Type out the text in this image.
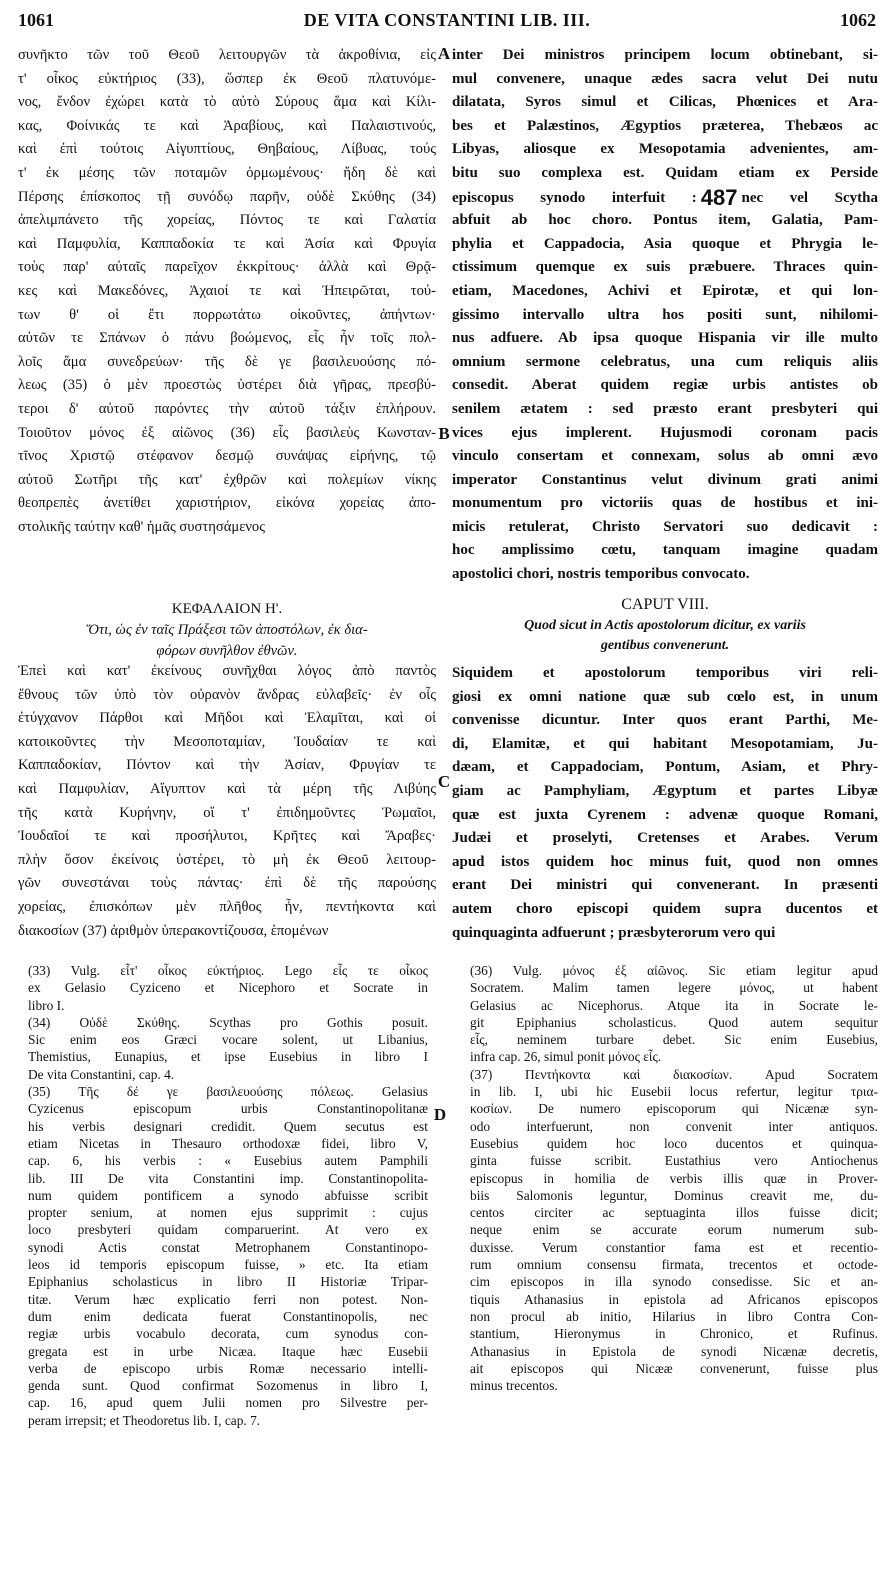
1061	DE VITA CONSTANTINI LIB. III.	1062
A
B
C
D
συνῆκτο τῶν τοῦ Θεοῦ λειτουργῶν τὰ ἀκροθίνια, εἰς
τ' οἶκος εὐκτήριος (33), ὥσπερ ἐκ Θεοῦ πλατυνόμε-
νος, ἔνδον ἐχώρει κατὰ τὸ αὐτὸ Σύρους ἅμα καὶ Κίλι-
κας, Φοίνικάς τε καὶ Ἀραβίους, καὶ Παλαιστινούς,
καὶ ἐπὶ τούτοις Αἰγυπτίους, Θηβαίους, Λίβυας, τούς
τ' ἐκ μέσης τῶν ποταμῶν ὁρμωμένους· ἤδη δὲ καὶ
Πέρσης ἐπίσκοπος τῇ συνόδῳ παρῆν, οὐδὲ Σκύθης (34)
ἀπελιμπάνετο τῆς χορείας, Πόντος τε καὶ Γαλατία
καὶ Παμφυλία, Καππαδοκία τε καὶ Ἀσία καὶ Φρυγία
τοὺς παρ' αὐταῖς παρεῖχον ἐκκρίτους· ἀλλὰ καὶ Θρᾷ-
κες καὶ Μακεδόνες, Ἀχαιοί τε καὶ Ἠπειρῶται, τού-
των θ' οἱ ἔτι πορρωτάτω οἰκοῦντες, ἀπήντων·
αὐτῶν τε Σπάνων ὁ πάνυ βοώμενος, εἷς ἦν τοῖς πολ-
λοῖς ἅμα συνεδρεύων· τῆς δὲ γε βασιλευούσης πό-
λεως (35) ὁ μὲν προεστὼς ὑστέρει διὰ γῆρας, πρεσβύ-
τεροι δ' αὐτοῦ παρόντες τὴν αὐτοῦ τάξιν ἐπλήρουν.
Τοιοῦτον μόνος ἐξ αἰῶνος (36) εἷς βασιλεὺς Κωνσταν-
τῖνος Χριστῷ στέφανον δεσμῷ συνάψας εἰρήνης, τῷ
αὐτοῦ Σωτῆρι τῆς κατ' ἐχθρῶν καὶ πολεμίων νίκης
θεοπρεπὲς ἀνετίθει χαριστήριον, εἰκόνα χορείας ἀπο-
στολικῆς ταύτην καθ' ἡμᾶς συστησάμενος
ΚΕΦΑΛΑΙΟΝ Η'.
Ὅτι, ὡς ἐν ταῖς Πράξεσι τῶν ἀποστόλων, ἐκ δια-
φόρων συνῆλθον ἐθνῶν.
Ἐπεὶ καὶ κατ' ἐκείνους συνῆχθαι λόγος ἀπὸ παντὸς
ἔθνους τῶν ὑπὸ τὸν οὐρανὸν ἄνδρας εὐλαβεῖς· ἐν οἷς
ἐτύγχανον Πάρθοι καὶ Μῆδοι καὶ Ἐλαμῖται, καὶ οἱ
κατοικοῦντες τὴν Μεσοποταμίαν, Ἰουδαίαν τε καὶ
Καππαδοκίαν, Πόντον καὶ τὴν Ἀσίαν, Φρυγίαν τε
καὶ Παμφυλίαν, Αἴγυπτον καὶ τὰ μέρη τῆς Λιβύης
τῆς κατὰ Κυρήνην, οἵ τ' ἐπιδημοῦντες Ῥωμαῖοι,
Ἰουδαῖοί τε καὶ προσήλυτοι, Κρῆτες καὶ Ἄραβες·
πλὴν ὅσον ἐκείνοις ὑστέρει, τὸ μὴ ἐκ Θεοῦ λειτουρ-
γῶν συνεστάναι τοὺς πάντας· ἐπὶ δὲ τῆς παρούσης
χορείας, ἐπισκόπων μὲν πλῆθος ἦν, πεντήκοντα καὶ
διακοσίων (37) ἀριθμὸν ὑπερακοντίζουσα, ἑπομένων
inter Dei ministros principem locum obtinebant, si-
mul convenere, unaque ædes sacra velut Dei nutu
dilatata, Syros simul et Cilicas, Phœnices et Ara-
bes et Palæstinos, Ægyptios præterea, Thebæos ac
Libyas, aliosque ex Mesopotamia advenientes, am-
bitu suo complexa est. Quidam etiam ex Perside
episcopus synodo interfuit : 487 nec vel Scytha
abfuit ab hoc choro. Pontus item, Galatia, Pam-
phylia et Cappadocia, Asia quoque et Phrygia le-
ctissimum quemque ex suis præbuere. Thraces quin-
etiam, Macedones, Achivi et Epirotæ, et qui lon-
gissimo intervallo ultra hos positi sunt, nihilomi-
nus adfuere. Ab ipsa quoque Hispania vir ille multo
omnium sermone celebratus, una cum reliquis aliis
consedit. Aberat quidem regiæ urbis antistes ob
senilem ætatem : sed præsto erant presbyteri qui
vices ejus implerent. Hujusmodi coronam pacis
vinculo consertam et connexam, solus ab omni ævo
imperator Constantinus velut divinum grati animi
monumentum pro victoriis quas de hostibus et ini-
micis retulerat, Christo Servatori suo dedicavit :
hoc amplissimo cœtu, tanquam imagine quadam
apostolici chori, nostris temporibus convocato.
CAPUT VIII.
Quod sicut in Actis apostolorum dicitur, ex variis
gentibus convenerunt.
Siquidem et apostolorum temporibus viri reli-
giosi ex omni natione quæ sub cœlo est, in unum
convenisse dicuntur. Inter quos erant Parthi, Me-
di, Elamitæ, et qui habitant Mesopotamiam, Ju-
dæam, et Cappadociam, Pontum, Asiam, et Phry-
giam ac Pamphyliam, Ægyptum et partes Libyæ
quæ est juxta Cyrenem : advenæ quoque Romani,
Judæi et proselyti, Cretenses et Arabes. Verum
apud istos quidem hoc minus fuit, quod non omnes
erant Dei ministri qui convenerant. In præsenti
autem choro episcopi quidem supra ducentos et
quinquaginta adfuerunt ; præsbyterorum vero qui
(33) Vulg. εἶτ' οἶκος εὐκτήριος. Lego εἷς τε οἶκος
ex Gelasio Cyziceno et Nicephoro et Socrate in
libro I.
(34) Οὐδὲ Σκύθης. Scythas pro Gothis posuit.
Sic enim eos Græci vocare solent, ut Libanius,
Themistius, Eunapius, et ipse Eusebius in libro I
De vita Constantini, cap. 4.
(35) Τῆς δέ γε βασιλευούσης πόλεως. Gelasius
Cyzicenus episcopum urbis Constantinopolitanæ
his verbis designari credidit. Quem secutus est
etiam Nicetas in Thesauro orthodoxæ fidei, libro V,
cap. 6, his verbis : « Eusebius autem Pamphili
lib. III De vita Constantini imp. Constantinopolita-
num quidem pontificem a synodo abfuisse scribit
propter senium, at nomen ejus supprimit : cujus
loco presbyteri quidam comparuerint. At vero ex
synodi Actis constat Metrophanem Constantinopo-
leos id temporis episcopum fuisse, » etc. Ita etiam
Epiphanius scholasticus in libro II Historiæ Tripar-
titæ. Verum hæc explicatio ferri non potest. Non-
dum enim dedicata fuerat Constantinopolis, nec
regiæ urbis vocabulo decorata, cum synodus con-
gregata est in urbe Nicæa. Itaque hæc Eusebii
verba de episcopo urbis Romæ necessario intelli-
genda sunt. Quod confirmat Sozomenus in libro I,
cap. 16, apud quem Julii nomen pro Silvestre per-
peram irrepsit; et Theodoretus lib. I, cap. 7.
(36) Vulg. μόνος ἐξ αἰῶνος. Sic etiam legitur apud
Socratem. Malim tamen legere μόνος, ut habent
Gelasius ac Nicephorus. Atque ita in Socrate le-
git Epiphanius scholasticus. Quod autem sequitur
εἷς, neminem turbare debet. Sic enim Eusebius,
infra cap. 26, simul ponit μόνος εἷς.
(37) Πεντήκοντα καὶ διακοσίων. Apud Socratem
in lib. I, ubi hic Eusebii locus refertur, legitur τρια-
κοσίων. De numero episcoporum qui Nicænæ syn-
odo interfuerunt, non convenit inter antiquos.
Eusebius quidem hoc loco ducentos et quinqua-
ginta fuisse scribit. Eustathius vero Antiochenus
episcopus in homilia de verbis illis quæ in Prover-
biis Salomonis leguntur, Dominus creavit me, du-
centos circiter ac septuaginta illos fuisse dicit;
neque enim se accurate eorum numerum sub-
duxisse. Verum constantior fama est et recentio-
rum omnium consensu firmata, trecentos et octode-
cim episcopos in illa synodo consedisse. Sic et an-
tiquis Athanasius in epistola ad Africanos episcopos
non procul ab initio, Hilarius in libro Contra Con-
stantium, Hieronymus in Chronico, et Rufinus.
Athanasius in Epistola de synodi Nicænæ decretis,
ait episcopos qui Nicææ convenerunt, fuisse plus
minus trecentos.
